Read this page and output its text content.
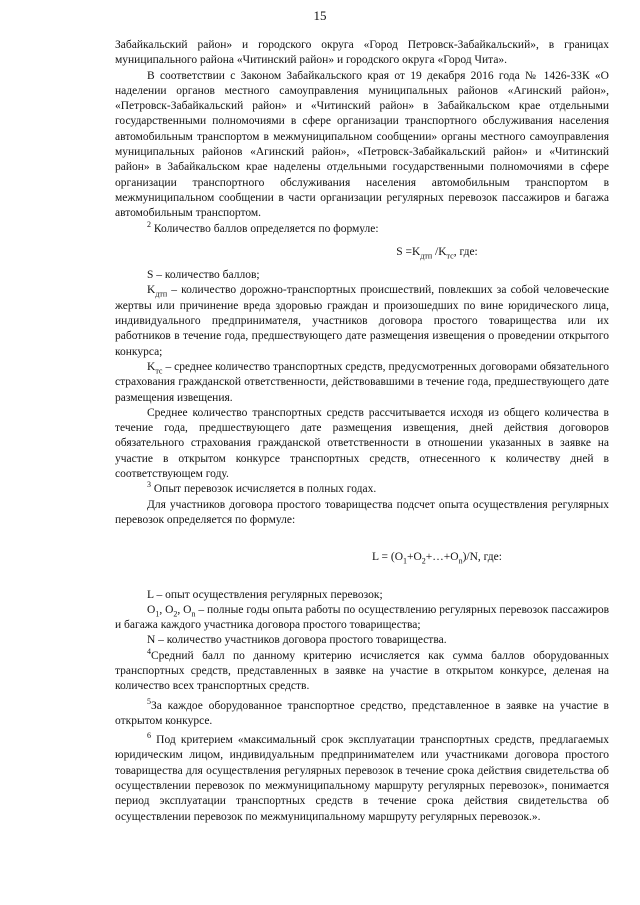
15

Забайкальский район» и городского округа «Город Петровск-Забайкальский», в границах муниципального района «Читинский район» и городского округа «Город Чита».

В соответствии с Законом Забайкальского края от 19 декабря 2016 года № 1426-ЗЗК «О наделении органов местного самоуправления муниципальных районов «Агинский район», «Петровск-Забайкальский район» и «Читинский район» в Забайкальском крае отдельными государственными полномочиями в сфере организации транспортного обслуживания населения автомобильным транспортом в межмуниципальном сообщении» органы местного самоуправления муниципальных районов «Агинский район», «Петровск-Забайкальский район» и «Читинский район» в Забайкальском крае наделены отдельными государственными полномочиями в сфере организации транспортного обслуживания населения автомобильным транспортом в межмуниципальном сообщении в части организации регулярных перевозок пассажиров и багажа автомобильным транспортом.

$^2$ Количество баллов определяется по формуле:

$S =K_{дтп}$ $/K_{тс}$, где:

S – количество баллов;

$K_{дтп}$ – количество дорожно-транспортных происшествий, повлекших за собой человеческие жертвы или причинение вреда здоровью граждан и произошедших по вине юридического лица, индивидуального предпринимателя, участников договора простого товарищества или их работников в течение года, предшествующего дате размещения извещения о проведении открытого конкурса;

$K_{тс}$ – среднее количество транспортных средств, предусмотренных договорами обязательного страхования гражданской ответственности, действовавшими в течение года, предшествующего дате размещения извещения.

Среднее количество транспортных средств рассчитывается исходя из общего количества в течение года, предшествующего дате размещения извещения, дней действия договоров обязательного страхования гражданской ответственности в отношении указанных в заявке на участие в открытом конкурсе транспортных средств, отнесенного к количеству дней в соответствующем году.

$^3$ Опыт перевозок исчисляется в полных годах.

Для участников договора простого товарищества подсчет опыта осуществления регулярных перевозок определяется по формуле:

$L = (O_1+O_2+\dots+O_n)/N$, где:

L – опыт осуществления регулярных перевозок;

$O_1$, $O_2$, $O_n$ – полные годы опыта работы по осуществлению регулярных перевозок пассажиров и багажа каждого участника договора простого товарищества;

N – количество участников договора простого товарищества.

$^4$Средний балл по данному критерию исчисляется как сумма баллов оборудованных транспортных средств, представленных в заявке на участие в открытом конкурсе, деленая на количество всех транспортных средств.

$^5$За каждое оборудованное транспортное средство, представленное в заявке на участие в открытом конкурсе.

$^6$ Под критерием «максимальный срок эксплуатации транспортных средств, предлагаемых юридическим лицом, индивидуальным предпринимателем или участниками договора простого товарищества для осуществления регулярных перевозок в течение срока действия свидетельства об осуществлении перевозок по межмуниципальному маршруту регулярных перевозок», понимается период эксплуатации транспортных средств в течение срока действия свидетельства об осуществлении перевозок по межмуниципальному маршруту регулярных перевозок.».
